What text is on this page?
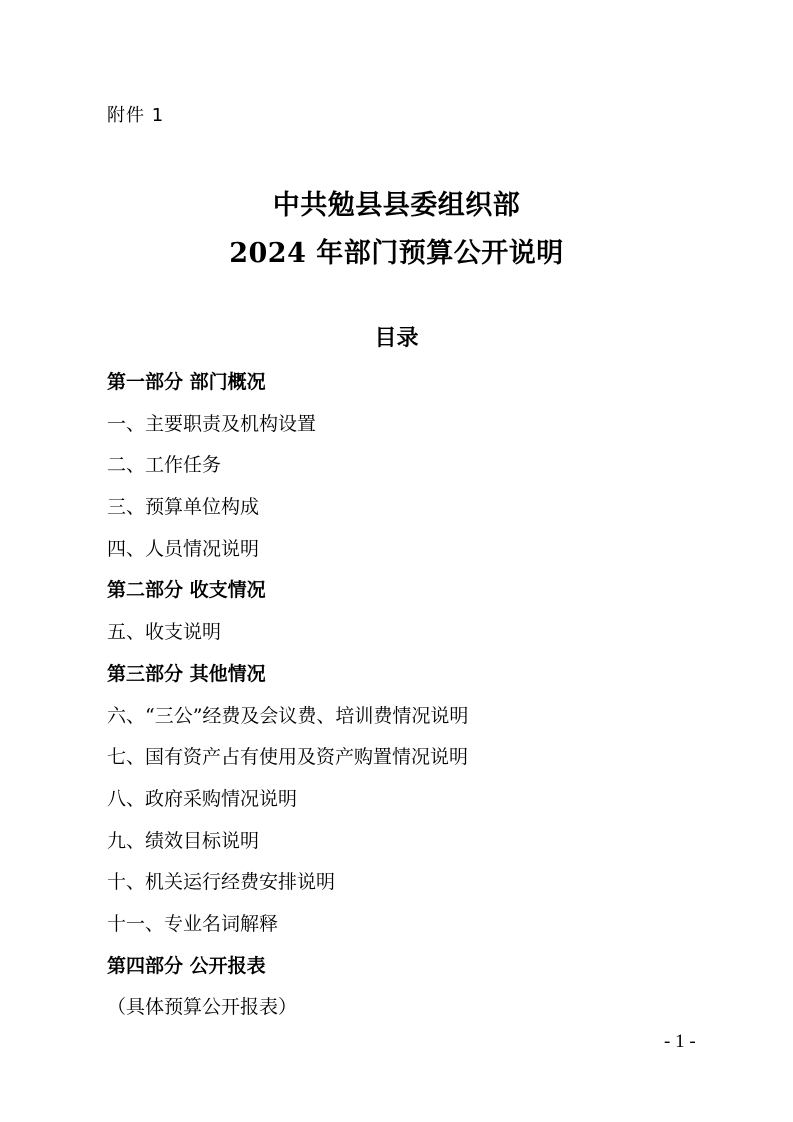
附件 1
中共勉县县委组织部
2024 年部门预算公开说明
目录
第一部分 部门概况
一、主要职责及机构设置
二、工作任务
三、预算单位构成
四、人员情况说明
第二部分 收支情况
五、收支说明
第三部分 其他情况
六、“三公”经费及会议费、培训费情况说明
七、国有资产占有使用及资产购置情况说明
八、政府采购情况说明
九、绩效目标说明
十、机关运行经费安排说明
十一、专业名词解释
第四部分 公开报表
（具体预算公开报表）
- 1 -
